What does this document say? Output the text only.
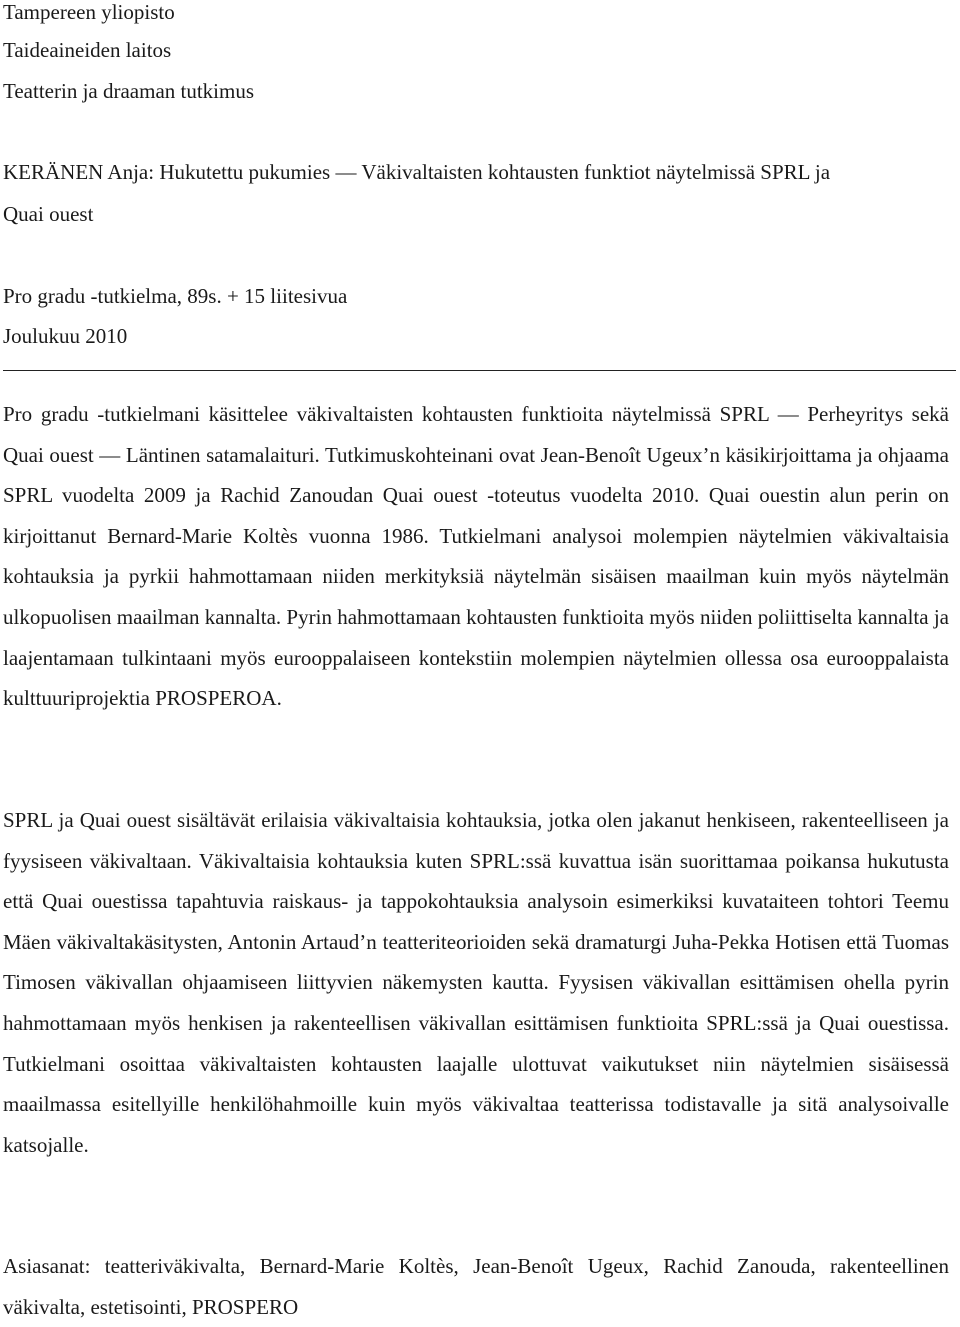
Tampereen yliopisto
Taideaineiden laitos
Teatterin ja draaman tutkimus
KERÄNEN Anja: Hukutettu pukumies — Väkivaltaisten kohtausten funktiot näytelmissä SPRL ja
Quai ouest
Pro gradu -tutkielma, 89s. + 15 liitesivua
Joulukuu 2010
Pro gradu -tutkielmani käsittelee väkivaltaisten kohtausten funktioita näytelmissä SPRL — Perheyritys sekä Quai ouest — Läntinen satamalaituri. Tutkimuskohteinani ovat Jean-Benoît Ugeux’n käsikirjoittama ja ohjaama SPRL vuodelta 2009 ja Rachid Zanoudan Quai ouest -toteutus vuodelta 2010. Quai ouestin alun perin on kirjoittanut Bernard-Marie Koltès vuonna 1986. Tutkielmani analysoi molempien näytelmien väkivaltaisia kohtauksia ja pyrkii hahmottamaan niiden merkityksiä näytelmän sisäisen maailman kuin myös näytelmän ulkopuolisen maailman kannalta. Pyrin hahmottamaan kohtausten funktioita myös niiden poliittiselta kannalta ja laajentamaan tulkintaani myös eurooppalaiseen kontekstiin molempien näytelmien ollessa osa eurooppalaista kulttuuriprojektia PROSPEROA.
SPRL ja Quai ouest sisältävät erilaisia väkivaltaisia kohtauksia, jotka olen jakanut henkiseen, rakenteelliseen ja fyysiseen väkivaltaan. Väkivaltaisia kohtauksia kuten SPRL:ssä kuvattua isän suorittamaa poikansa hukutusta että Quai ouestissa tapahtuvia raiskaus- ja tappokohtauksia analysoin esimerkiksi kuvataiteen tohtori Teemu Mäen väkivaltakäsitysten, Antonin Artaud’n teatteriteorioiden sekä dramaturgi Juha-Pekka Hotisen että Tuomas Timosen väkivallan ohjaamiseen liittyvien näkemysten kautta. Fyysisen väkivallan esittämisen ohella pyrin hahmottamaan myös henkisen ja rakenteellisen väkivallan esittämisen funktioita SPRL:ssä ja Quai ouestissa. Tutkielmani osoittaa väkivaltaisten kohtausten laajalle ulottuvat vaikutukset niin näytelmien sisäisessä maailmassa esitellyille henkilöhahmoille kuin myös väkivaltaa teatterissa todistavalle ja sitä analysoivalle katsojalle.
Asiasanat: teatteriväkivalta, Bernard-Marie Koltès, Jean-Benoît Ugeux, Rachid Zanouda, rakenteellinen väkivalta, estetisointi, PROSPERO
